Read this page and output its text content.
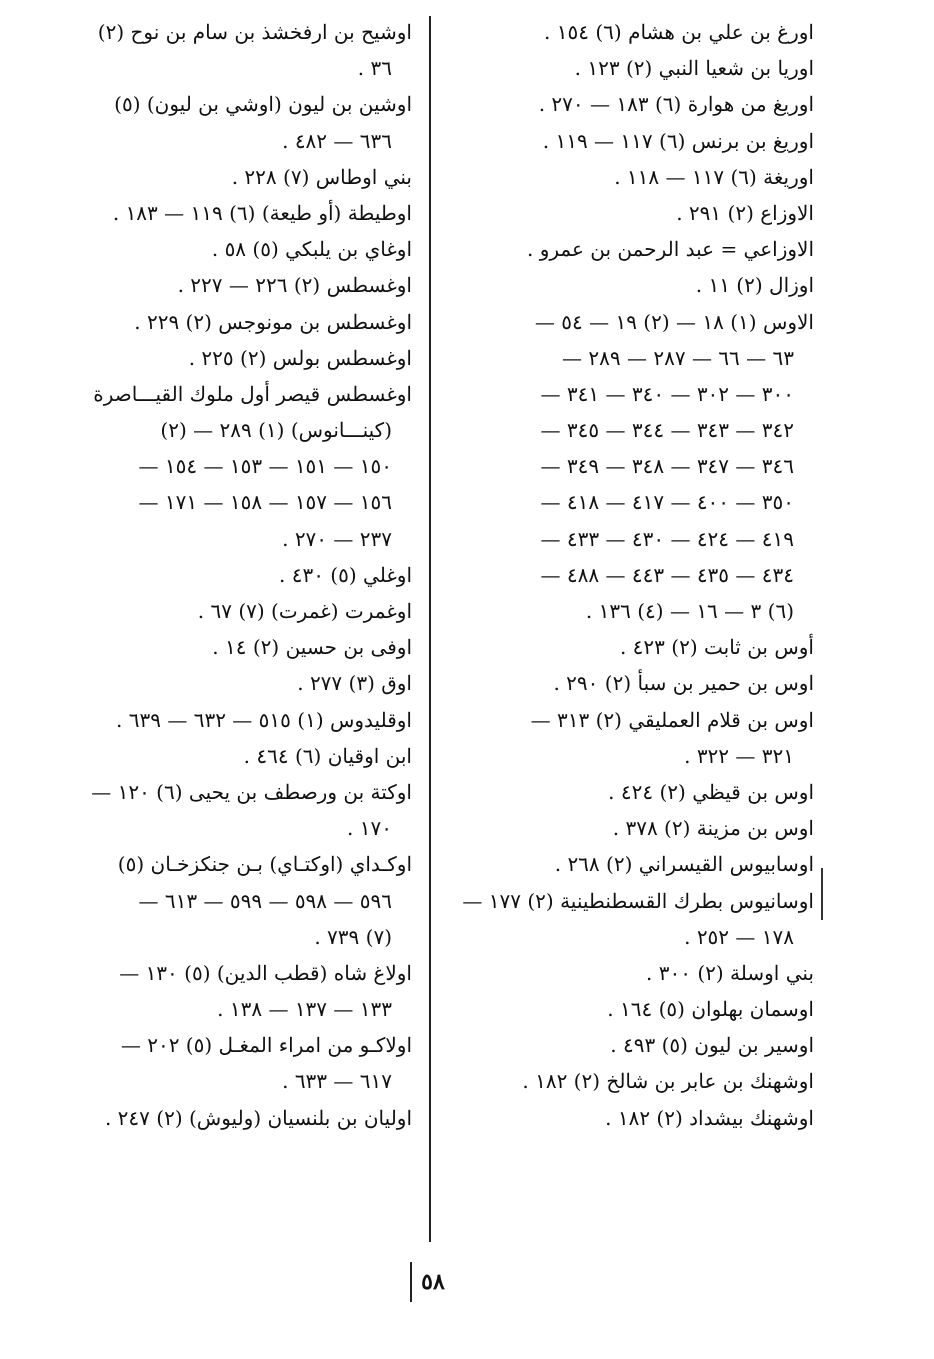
اورغ بن علي بن هشام (٦) ١٥٤ .
اوريا بن شعيا النبي (٢) ١٢٣ .
اوريغ من هوارة (٦) ١٨٣ — ٢٧٠ .
اوريغ بن برنس (٦) ١١٧ — ١١٩ .
اوريغة (٦) ١١٧ — ١١٨ .
الاوزاع (٢) ٢٩١ .
الاوزاعي = عبد الرحمن بن عمرو .
اوزال (٢) ١١ .
الاوس (١) ١٨ — (٢) ١٩ — ٥٤ —
٦٣ — ٦٦ — ٢٨٧ — ٢٨٩ —
٣٠٠ — ٣٠٢ — ٣٤٠ — ٣٤١ —
٣٤٢ — ٣٤٣ — ٣٤٤ — ٣٤٥ —
٣٤٦ — ٣٤٧ — ٣٤٨ — ٣٤٩ —
٣٥٠ — ٤٠٠ — ٤١٧ — ٤١٨ —
٤١٩ — ٤٢٤ — ٤٣٠ — ٤٣٣ —
٤٣٤ — ٤٣٥ — ٤٤٣ — ٤٨٨ —
(٦) ٣ — ١٦ — (٤) ١٣٦ .
أوس بن ثابت (٢) ٤٢٣ .
اوس بن حمير بن سبأ (٢) ٢٩٠ .
اوس بن قلام العمليقي (٢) ٣١٣ —
٣٢١ — ٣٢٢ .
اوس بن قيظي (٢) ٤٢٤ .
اوس بن مزينة (٢) ٣٧٨ .
اوسابيوس القيسراني (٢) ٢٦٨ .
اوسانيوس بطرك القسطنطينية (٢) ١٧٧ —
١٧٨ — ٢٥٢ .
بني اوسلة (٢) ٣٠٠ .
اوسمان بهلوان (٥) ١٦٤ .
اوسير بن ليون (٥) ٤٩٣ .
اوشهنك بن عابر بن شالخ (٢) ١٨٢ .
اوشهنك بيشداد (٢) ١٨٢ .
اوشيح بن ارفخشذ بن سام بن نوح (٢)
٣٦ .
اوشين بن ليون (اوشي بن ليون) (٥)
٦٣٦ — ٤٨٢ .
بني اوطاس (٧) ٢٢٨ .
اوطيطة (أو طيعة) (٦) ١١٩ — ١٨٣ .
اوغاي بن يلبكي (٥) ٥٨ .
اوغسطس (٢) ٢٢٦ — ٢٢٧ .
اوغسطس بن مونوجس (٢) ٢٢٩ .
اوغسطس بولس (٢) ٢٢٥ .
اوغسطس قيصر أول ملوك القيـــاصرة
(كينـــانوس) (١) ٢٨٩ — (٢)
١٥٠ — ١٥١ — ١٥٣ — ١٥٤ —
١٥٦ — ١٥٧ — ١٥٨ — ١٧١ —
٢٣٧ — ٢٧٠ .
اوغلي (٥) ٤٣٠ .
اوغمرت (غمرت) (٧) ٦٧ .
اوفى بن حسين (٢) ١٤ .
اوق (٣) ٢٧٧ .
اوقليدوس (١) ٥١٥ — ٦٣٢ — ٦٣٩ .
ابن اوقيان (٦) ٤٦٤ .
اوكتة بن ورصطف بن يحيى (٦) ١٢٠ —
١٧٠ .
اوكـداي (اوكتـاي) بـن جنكزخـان (٥)
٥٩٦ — ٥٩٨ — ٥٩٩ — ٦١٣ —
(٧) ٧٣٩ .
اولاغ شاه (قطب الدين) (٥) ١٣٠ —
١٣٣ — ١٣٧ — ١٣٨ .
اولاكـو من امراء المغـل (٥) ٢٠٢ —
٦١٧ — ٦٣٣ .
اوليان بن بلنسيان (وليوش) (٢) ٢٤٧ .
٥٨
